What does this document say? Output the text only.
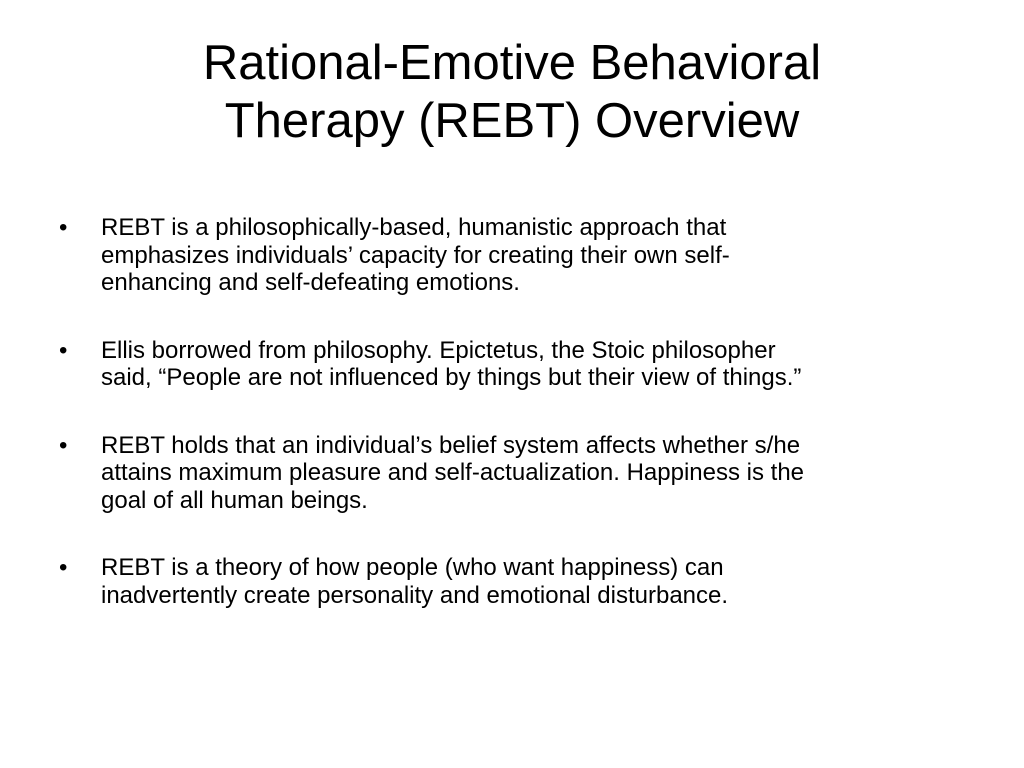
Rational-Emotive Behavioral
Therapy (REBT) Overview
•	REBT is a philosophically-based, humanistic approach that
emphasizes individuals’ capacity for creating their own self-
enhancing and self-defeating emotions.
•	Ellis borrowed from philosophy. Epictetus, the Stoic philosopher
said, “People are not influenced by things but their view of things.”
•	REBT holds that an individual’s belief system affects whether s/he
attains maximum pleasure and self-actualization. Happiness is the
goal of all human beings.
•	REBT is a theory of how people (who want happiness) can
inadvertently create personality and emotional disturbance.
